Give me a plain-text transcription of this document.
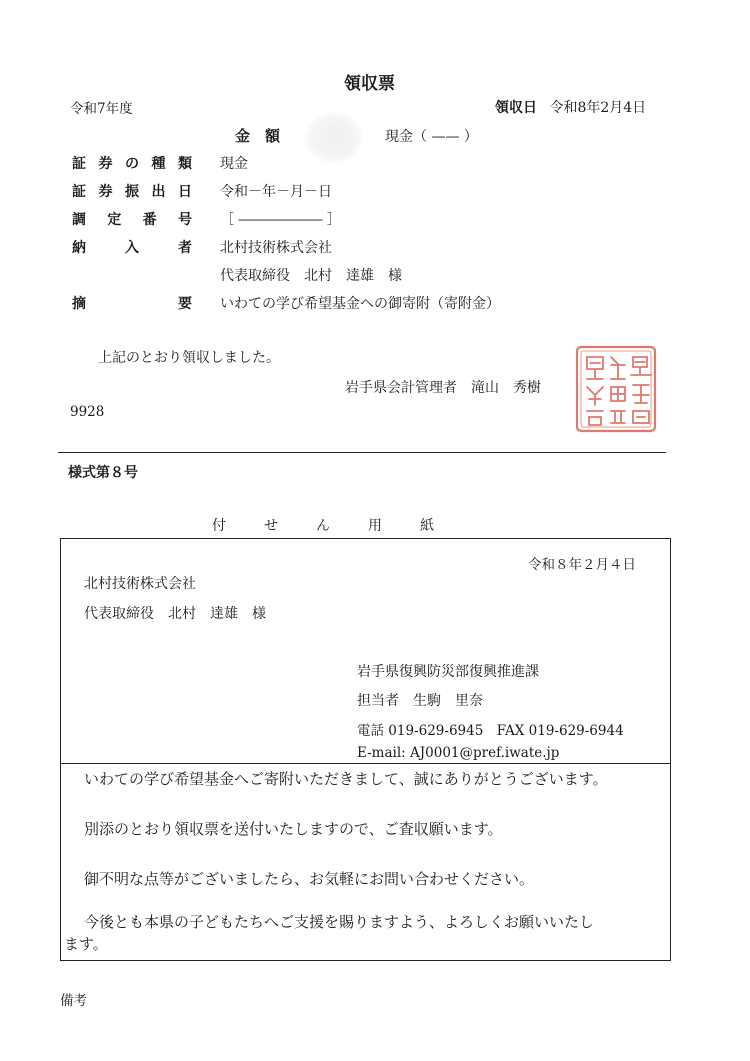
領収票
令和7年度	領収日 令和8年2月4日
金　額	現金（ —— ）
証 券 の 種 類 現金
証 券 振 出 日 令和－年－月－日
調 定 番 号 ［ ―――――― ］
納	入	者 北村技術株式会社
代表取締役　北村　達雄　様
摘	要 いわての学び希望基金への御寄附（寄附金）
上記のとおり領収しました。
岩手県会計管理者　滝山　秀樹
9928
様式第８号
付　せ　ん　用　紙
令和８年２月４日
北村技術株式会社
代表取締役　北村　達雄　様
岩手県復興防災部復興推進課
担当者　生駒　里奈
電話 019-629-6945　FAX 019-629-6944
E-mail: AJ0001@pref.iwate.jp
いわての学び希望基金へご寄附いただきまして、誠にありがとうございます。
別添のとおり領収票を送付いたしますので、ご査収願います。
御不明な点等がございましたら、お気軽にお問い合わせください。
今後とも本県の子どもたちへご支援を賜りますよう、よろしくお願いいたし
ます。
備考
